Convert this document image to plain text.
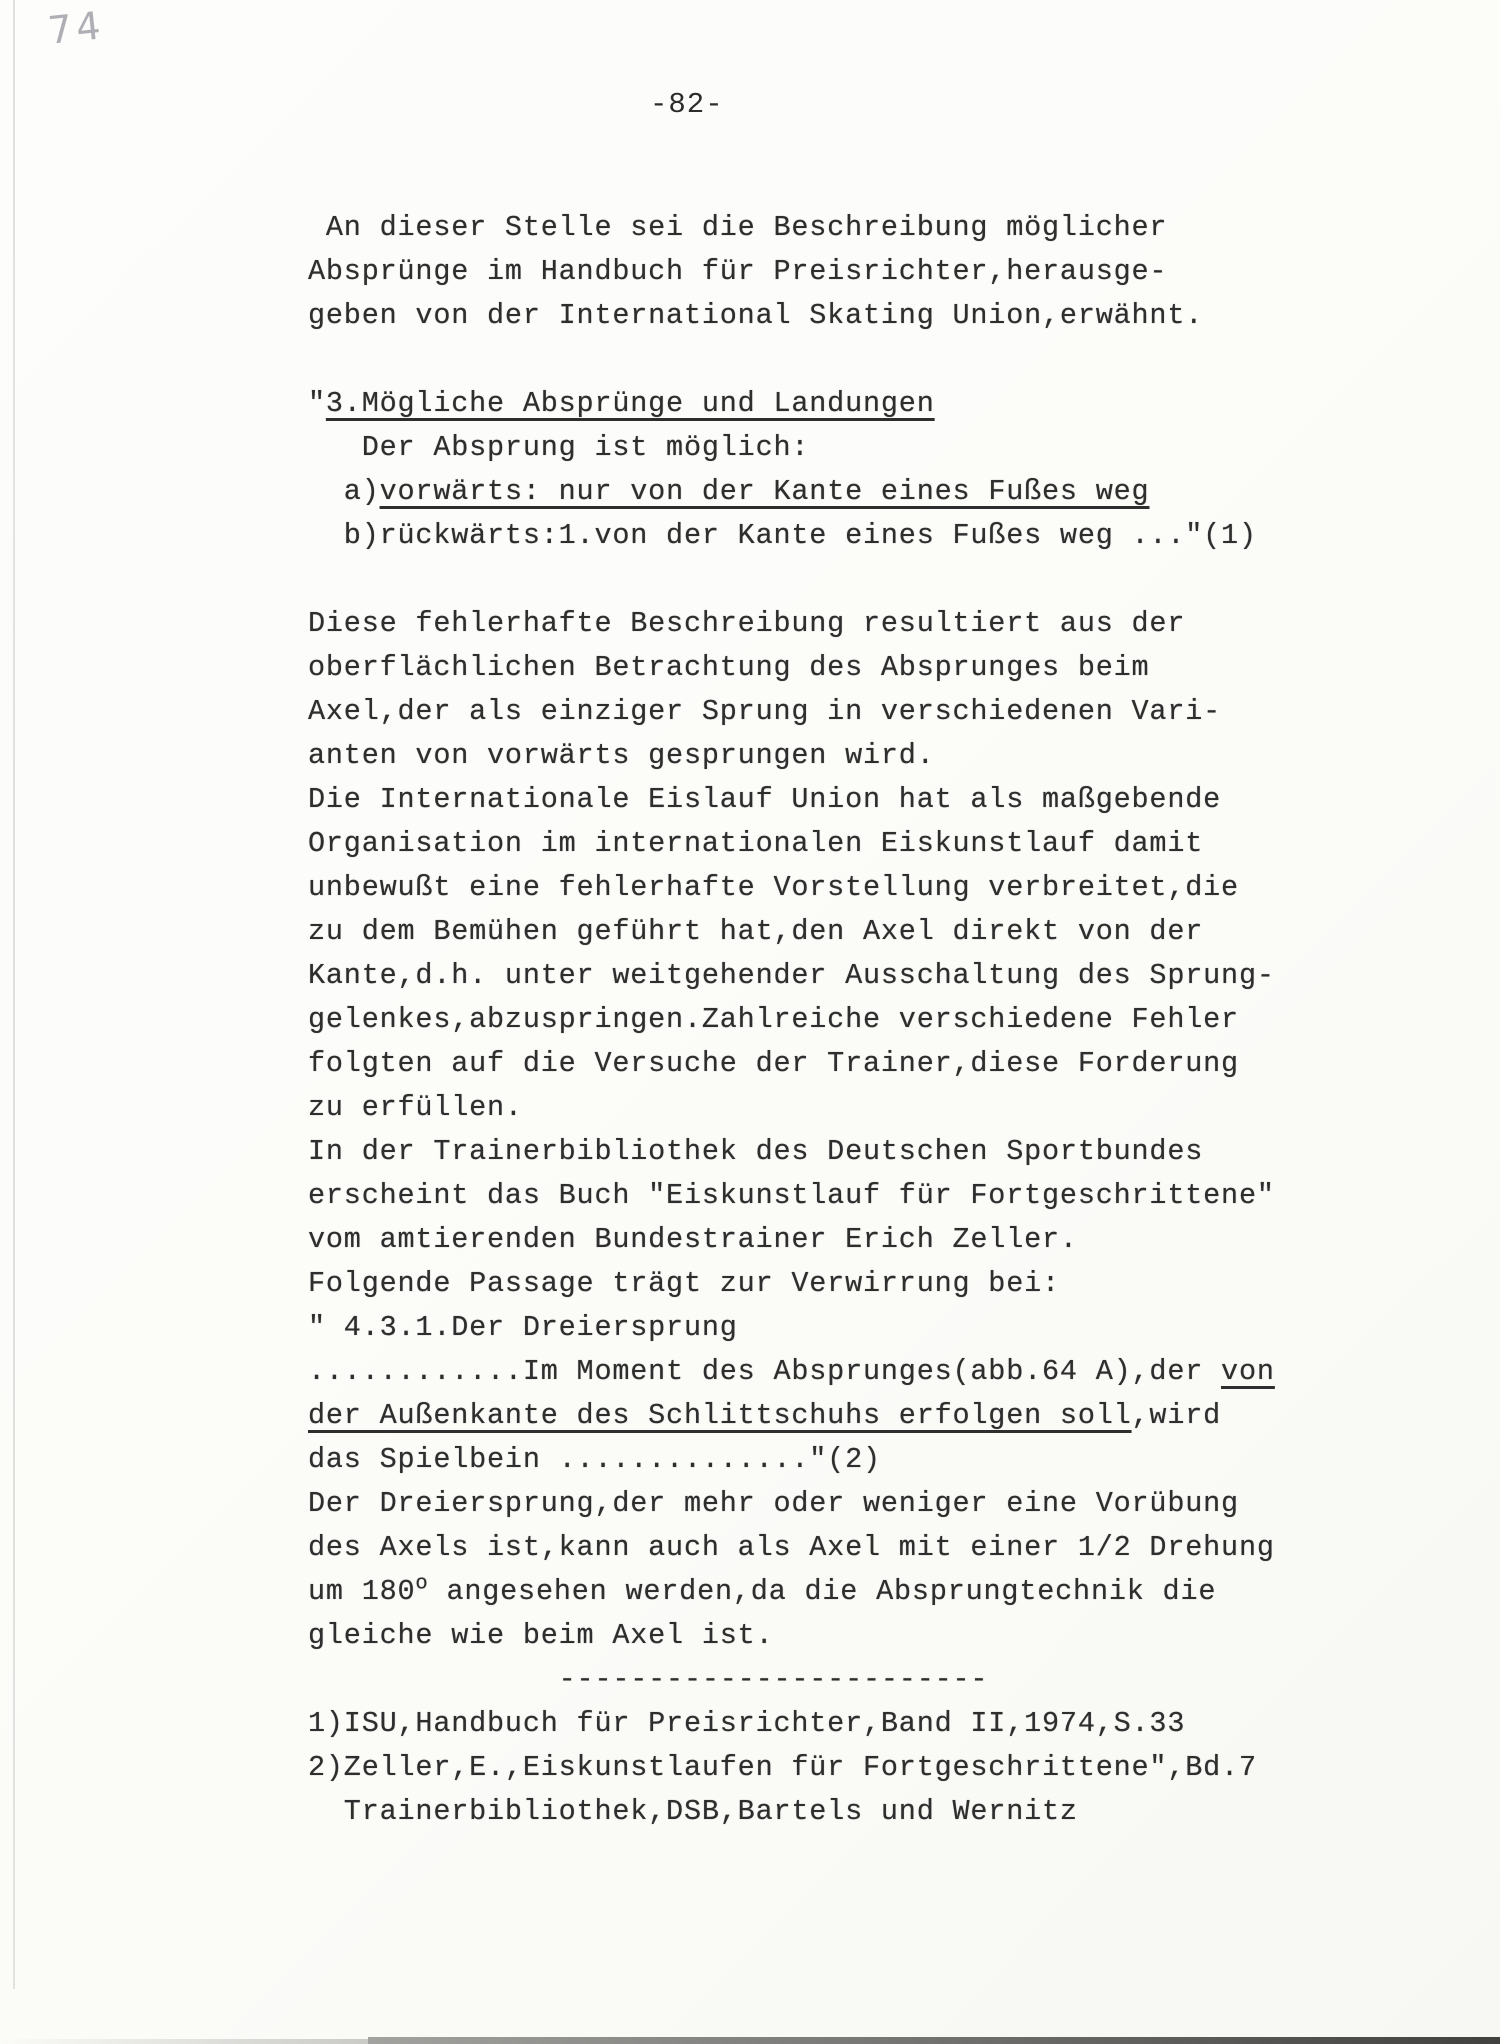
74
-82-
An dieser Stelle sei die Beschreibung möglicher
Absprünge im Handbuch für Preisrichter,herausge-
geben von der International Skating Union,erwähnt.
"3.Mögliche Absprünge und Landungen
Der Absprung ist möglich:
a)vorwärts: nur von der Kante eines Fußes weg
b)rückwärts:1.von der Kante eines Fußes weg ..."(1)
Diese fehlerhafte Beschreibung resultiert aus der
oberflächlichen Betrachtung des Absprunges beim
Axel,der als einziger Sprung in verschiedenen Vari-
anten von vorwärts gesprungen wird.
Die Internationale Eislauf Union hat als maßgebende
Organisation im internationalen Eiskunstlauf damit
unbewußt eine fehlerhafte Vorstellung verbreitet,die
zu dem Bemühen geführt hat,den Axel direkt von der
Kante,d.h. unter weitgehender Ausschaltung des Sprung-
gelenkes,abzuspringen.Zahlreiche verschiedene Fehler
folgten auf die Versuche der Trainer,diese Forderung
zu erfüllen.
In der Trainerbibliothek des Deutschen Sportbundes
erscheint das Buch "Eiskunstlauf für Fortgeschrittene"
vom amtierenden Bundestrainer Erich Zeller.
Folgende Passage trägt zur Verwirrung bei:
" 4.3.1.Der Dreiersprung
............Im Moment des Absprunges(abb.64 A),der von
der Außenkante des Schlittschuhs erfolgen soll,wird
das Spielbein .............."(2)
Der Dreiersprung,der mehr oder weniger eine Vorübung
des Axels ist,kann auch als Axel mit einer 1/2 Drehung
um 180$^o$ angesehen werden,da die Absprungtechnik die
gleiche wie beim Axel ist.
------------------------
1)ISU,Handbuch für Preisrichter,Band II,1974,S.33
2)Zeller,E.,Eiskunstlaufen für Fortgeschrittene",Bd.7
Trainerbibliothek,DSB,Bartels und Wernitz
